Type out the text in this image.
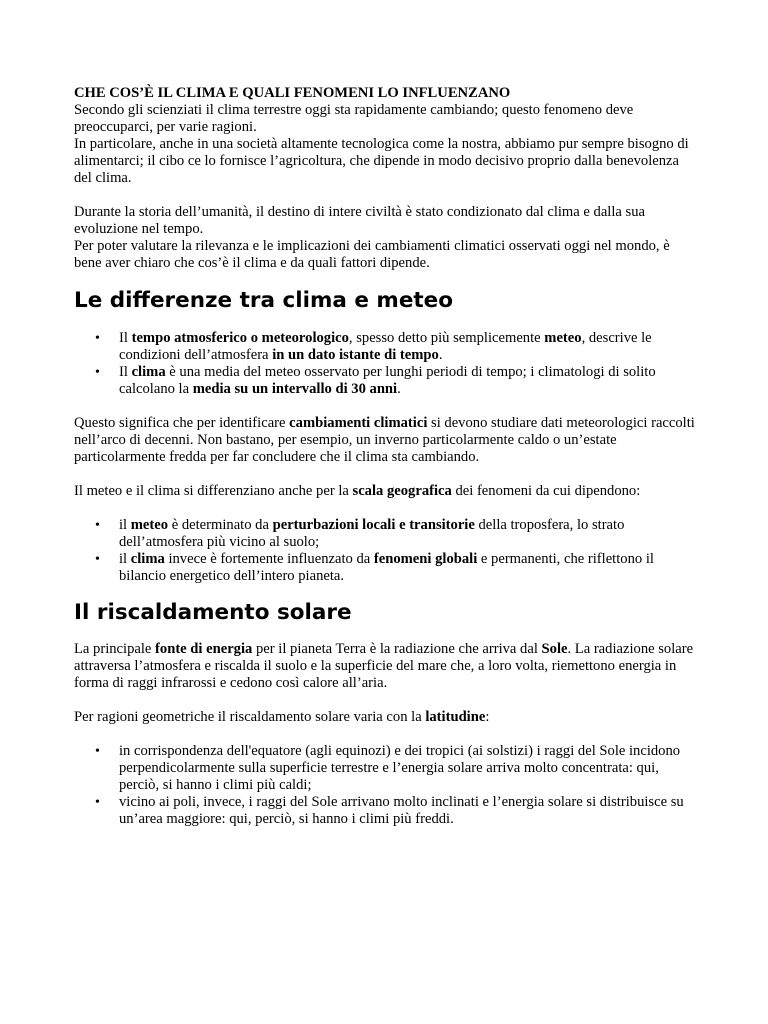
CHE COS’È IL CLIMA E QUALI FENOMENI LO INFLUENZANO

Secondo gli scienziati il clima terrestre oggi sta rapidamente cambiando; questo fenomeno deve preoccuparci, per varie ragioni.

In particolare, anche in una società altamente tecnologica come la nostra, abbiamo pur sempre bisogno di alimentarci; il cibo ce lo fornisce l’agricoltura, che dipende in modo decisivo proprio dalla benevolenza del clima.

Durante la storia dell’umanità, il destino di intere civiltà è stato condizionato dal clima e dalla sua evoluzione nel tempo.

Per poter valutare la rilevanza e le implicazioni dei cambiamenti climatici osservati oggi nel mondo, è bene aver chiaro che cos’è il clima e da quali fattori dipende.

Le differenze tra clima e meteo
• Il tempo atmosferico o meteorologico, spesso detto più semplicemente meteo, descrive le condizioni dell’atmosfera in un dato istante di tempo.
• Il clima è una media del meteo osservato per lunghi periodi di tempo; i climatologi di solito calcolano la media su un intervallo di 30 anni.

Questo significa che per identificare cambiamenti climatici si devono studiare dati meteorologici raccolti nell’arco di decenni. Non bastano, per esempio, un inverno particolarmente caldo o un’estate particolarmente fredda per far concludere che il clima sta cambiando.

Il meteo e il clima si differenziano anche per la scala geografica dei fenomeni da cui dipendono:

• il meteo è determinato da perturbazioni locali e transitorie della troposfera, lo strato dell’atmosfera più vicino al suolo;
• il clima invece è fortemente influenzato da fenomeni globali e permanenti, che riflettono il bilancio energetico dell’intero pianeta.
Il riscaldamento solare

La principale fonte di energia per il pianeta Terra è la radiazione che arriva dal Sole. La radiazione solare attraversa l’atmosfera e riscalda il suolo e la superficie del mare che, a loro volta, riemettono energia in forma di raggi infrarossi e cedono così calore all’aria.

Per ragioni geometriche il riscaldamento solare varia con la latitudine:

• in corrispondenza dell'equatore (agli equinozi) e dei tropici (ai solstizi) i raggi del Sole incidono perpendicolarmente sulla superficie terrestre e l’energia solare arriva molto concentrata: qui, perciò, si hanno i climi più caldi;
• vicino ai poli, invece, i raggi del Sole arrivano molto inclinati e l’energia solare si distribuisce su un’area maggiore: qui, perciò, si hanno i climi più freddi.
